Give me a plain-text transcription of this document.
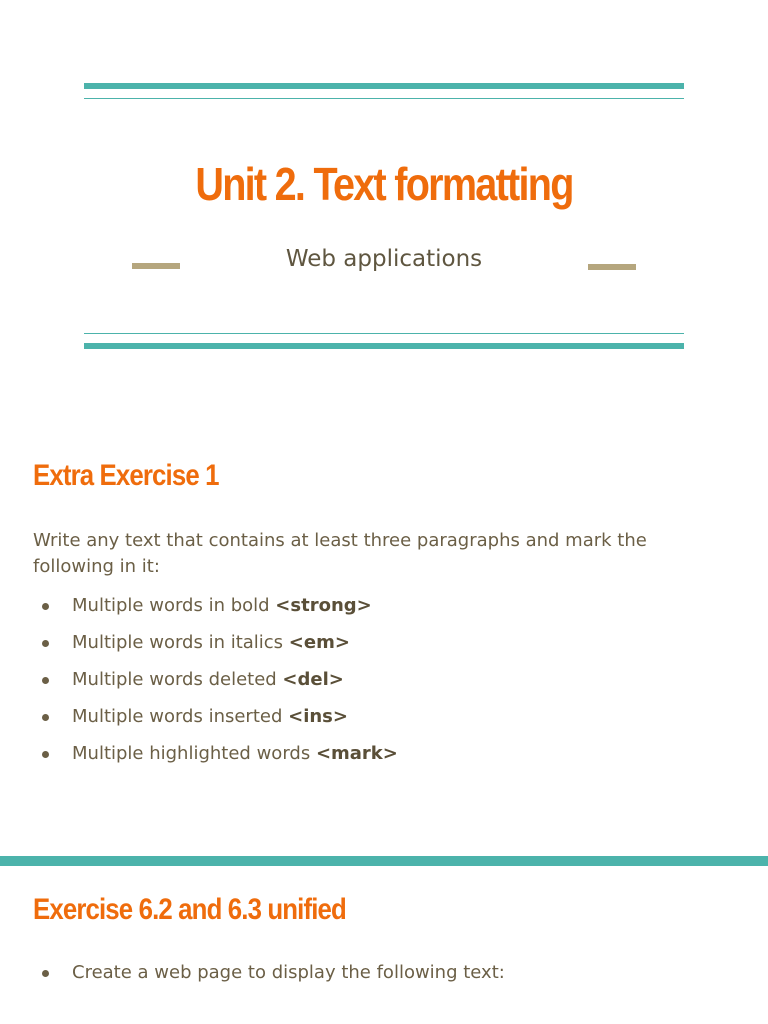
Unit 2. Text formatting
Web applications
Extra Exercise 1

Write any text that contains at least three paragraphs and mark the following in it:

Multiple words in bold <strong>
Multiple words in italics <em>
Multiple words deleted <del>
Multiple words inserted <ins>
Multiple highlighted words <mark>
Exercise 6.2 and 6.3 unified
Create a web page to display the following text:
